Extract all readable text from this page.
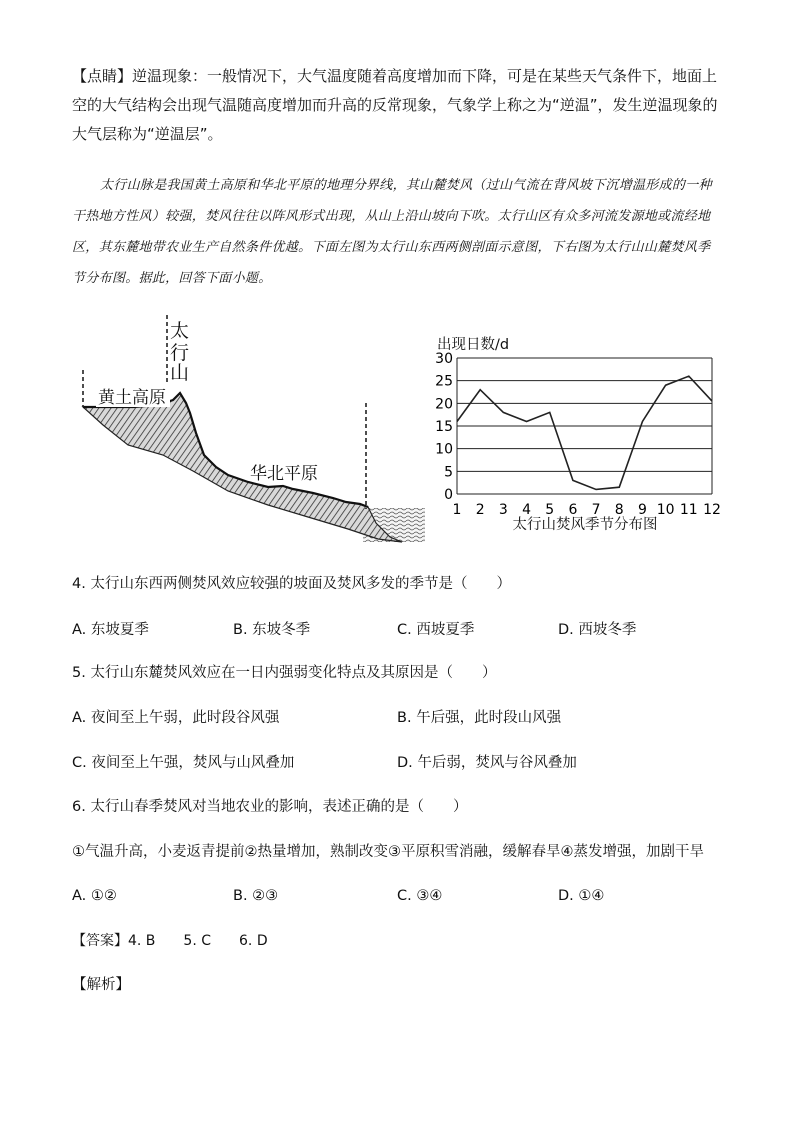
【点睛】逆温现象：一般情况下，大气温度随着高度增加而下降，可是在某些天气条件下，地面上空的大气结构会出现气温随高度增加而升高的反常现象，气象学上称之为“逆温”，发生逆温现象的大气层称为“逆温层”。
太行山脉是我国黄土高原和华北平原的地理分界线，其山麓焚风（过山气流在背风坡下沉增温形成的一种干热地方性风）较强，焚风往往以阵风形式出现，从山上沿山坡向下吹。太行山区有众多河流发源地或流经地区，其东麓地带农业生产自然条件优越。下面左图为太行山东西两侧剖面示意图，下右图为太行山山麓焚风季节分布图。据此，回答下面小题。
太
行
山
黄土高原
华北平原
出现日数/d
0
5
10
15
20
25
30
1 2 3 4 5 6 7 8 9 10 11 12
太行山焚风季节分布图
4. 太行山东西两侧焚风效应较强的坡面及焚风多发的季节是（　　）
A. 东坡夏季	B. 东坡冬季	C. 西坡夏季	D. 西坡冬季
5. 太行山东麓焚风效应在一日内强弱变化特点及其原因是（　　）
A. 夜间至上午弱，此时段谷风强	B. 午后强，此时段山风强
C. 夜间至上午强，焚风与山风叠加	D. 午后弱，焚风与谷风叠加
6. 太行山春季焚风对当地农业的影响，表述正确的是（　　）
①气温升高，小麦返青提前②热量增加，熟制改变③平原积雪消融，缓解春旱④蒸发增强，加剧干旱
A. ①②	B. ②③	C. ③④	D. ①④
【答案】4. B 5. C 6. D
【解析】
